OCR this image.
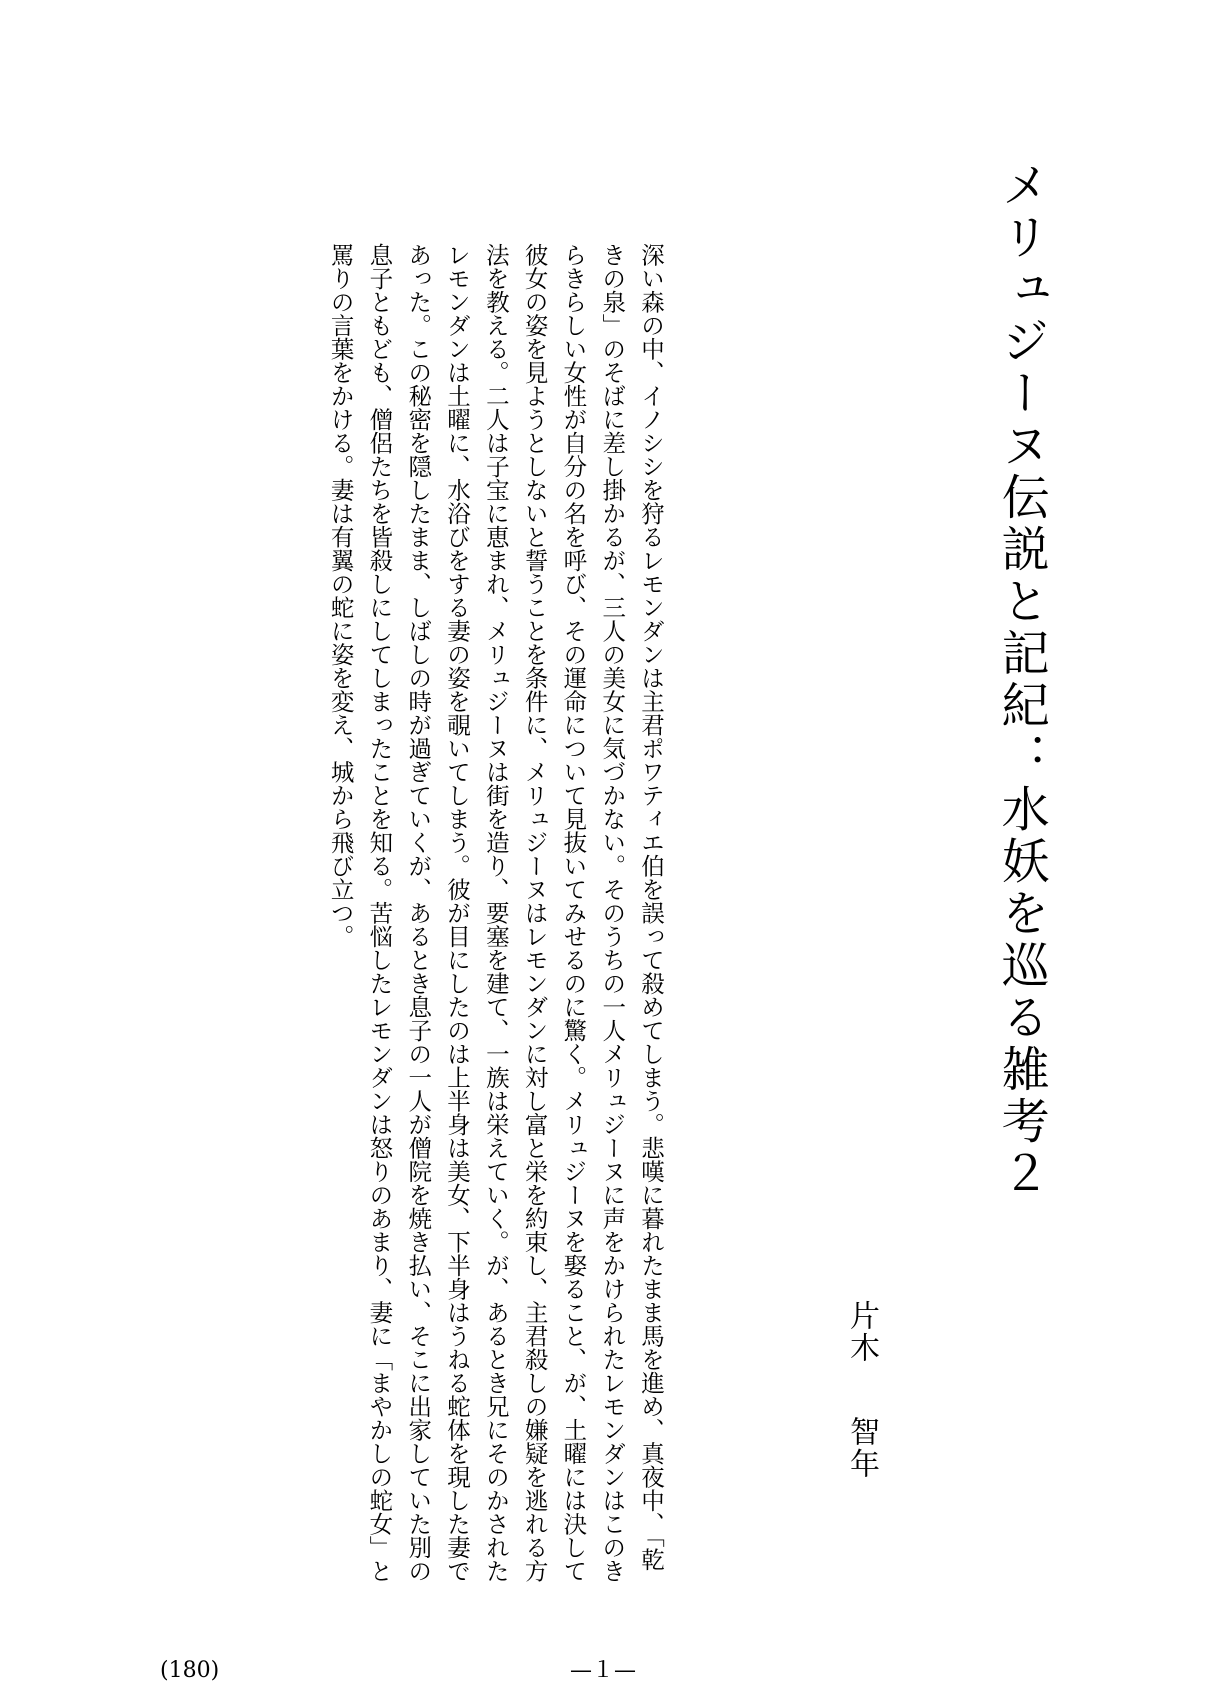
メリュジーヌ伝説と記紀：水妖を巡る雑考２
片木智年

深い森の中、イノシシを狩るレモンダンは主君ポワティエ伯を誤って殺めてしまう。悲嘆に暮れたまま馬を進め、真夜中、「乾きの泉」のそばに差し掛かるが、三人の美女に気づかない。そのうちの一人メリュジーヌに声をかけられたレモンダンはこのきらきらしい女性が自分の名を呼び、その運命について見抜いてみせるのに驚く。メリュジーヌを娶ること、が、土曜には決して彼女の姿を見ようとしないと誓うことを条件に、メリュジーヌはレモンダンに対し富と栄を約束し、主君殺しの嫌疑を逃れる方法を教える。二人は子宝に恵まれ、メリュジーヌは街を造り、要塞を建て、一族は栄えていく。が、あるとき兄にそのかされたレモンダンは土曜に、水浴びをする妻の姿を覗いてしまう。彼が目にしたのは上半身は美女、下半身はうねる蛇体を現した妻であった。この秘密を隠したまま、しばしの時が過ぎていくが、あるとき息子の一人が僧院を焼き払い、そこに出家していた別の息子ともども、僧侶たちを皆殺しにしてしまったことを知る。苦悩したレモンダンは怒りのあまり、妻に「まやかしの蛇女」と罵りの言葉をかける。妻は有翼の蛇に姿を変え、城から飛び立つ。

(180)	—１—
